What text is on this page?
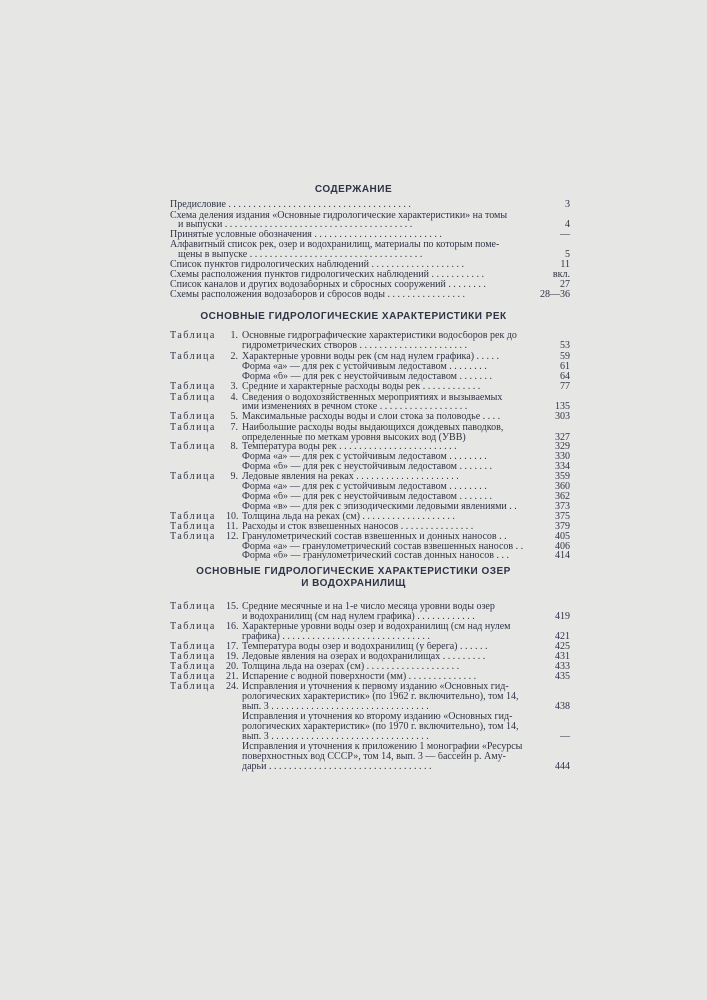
СОДЕРЖАНИЕ
Предисловие . . . . . . . . . . . . . . . . . . . . . . . . . . . . . . . . . . . . .	3
Схема деления издания «Основные гидрологические характеристики» на томы
и выпуски . . . . . . . . . . . . . . . . . . . . . . . . . . . . . . . . . . . . . .	4
Принятые условные обозначения . . . . . . . . . . . . . . . . . . . . . . . . . .	—
Алфавитный список рек, озер и водохранилищ, материалы по которым поме-
щены в выпуске . . . . . . . . . . . . . . . . . . . . . . . . . . . . . . . . . . .	5
Список пунктов гидрологических наблюдений . . . . . . . . . . . . . . . . . . .	11
Схемы расположения пунктов гидрологических наблюдений . . . . . . . . . . .	вкл.
Список каналов и других водозаборных и сбросных сооружений . . . . . . . .	27
Схемы расположения водозаборов и сбросов воды . . . . . . . . . . . . . . . .	28—36
ОСНОВНЫЕ ГИДРОЛОГИЧЕСКИЕ ХАРАКТЕРИСТИКИ РЕК
Таблица	1. Основные гидрографические характеристики водосборов рек до
гидрометрических створов . . . . . . . . . . . . . . . . . . . . . .	53
Таблица	2. Характерные уровни воды рек (см над нулем графика) . . . . .	59
Форма «а» — для рек с устойчивым ледоставом . . . . . . . .	61
Форма «б» — для рек с неустойчивым ледоставом . . . . . . .	64
Таблица	3. Средние и характерные расходы воды рек . . . . . . . . . . . .	77
Таблица	4. Сведения о водохозяйственных мероприятиях и вызываемых
ими изменениях в речном стоке . . . . . . . . . . . . . . . . . .	135
Таблица	5. Максимальные расходы воды и слои стока за половодье . . . .	303
Таблица	7. Наибольшие расходы воды выдающихся дождевых паводков,
определенные по меткам уровня высоких вод (УВВ)	327
Таблица	8. Температура воды рек . . . . . . . . . . . . . . . . . . . . . . . .	329
Форма «а» — для рек с устойчивым ледоставом . . . . . . . .	330
Форма «б» — для рек с неустойчивым ледоставом . . . . . . .	334
Таблица	9. Ледовые явления на реках . . . . . . . . . . . . . . . . . . . . .	359
Форма «а» — для рек с устойчивым ледоставом . . . . . . . .	360
Форма «б» — для рек с неустойчивым ледоставом . . . . . . .	362
Форма «в» — для рек с эпизодическими ледовыми явлениями . .	373
Таблица 10. Толщина льда на реках (см) . . . . . . . . . . . . . . . . . . .	375
Таблица 11. Расходы и сток взвешенных наносов . . . . . . . . . . . . . . .	379
Таблица 12. Гранулометрический состав взвешенных и донных наносов . .	405
Форма «а» — гранулометрический состав взвешенных наносов . .	406
Форма «б» — гранулометрический состав донных наносов . . .	414
ОСНОВНЫЕ ГИДРОЛОГИЧЕСКИЕ ХАРАКТЕРИСТИКИ ОЗЕР
И ВОДОХРАНИЛИЩ
Таблица 15. Средние месячные и на 1-е число месяца уровни воды озер
и водохранилищ (см над нулем графика) . . . . . . . . . . . .	419
Таблица 16. Характерные уровни воды озер и водохранилищ (см над нулем
графика) . . . . . . . . . . . . . . . . . . . . . . . . . . . . . .	421
Таблица 17. Температура воды озер и водохранилищ (у берега) . . . . . .	425
Таблица 19. Ледовые явления на озерах и водохранилищах . . . . . . . . .	431
Таблица 20. Толщина льда на озерах (см) . . . . . . . . . . . . . . . . . . .	433
Таблица 21. Испарение с водной поверхности (мм) . . . . . . . . . . . . . .	435
Таблица 24. Исправления и уточнения к первому изданию «Основных гид-
рологических характеристик» (по 1962 г. включительно), том 14,
вып. 3 . . . . . . . . . . . . . . . . . . . . . . . . . . . . . . . .	438
Исправления и уточнения ко второму изданию «Основных гид-
рологических характеристик» (по 1970 г. включительно), том 14,
вып. 3 . . . . . . . . . . . . . . . . . . . . . . . . . . . . . . . .	—
Исправления и уточнения к приложению 1 монографии «Ресурсы
поверхностных вод СССР», том 14, вып. 3 — бассейн р. Аму-
дарьи . . . . . . . . . . . . . . . . . . . . . . . . . . . . . . . . .	444
